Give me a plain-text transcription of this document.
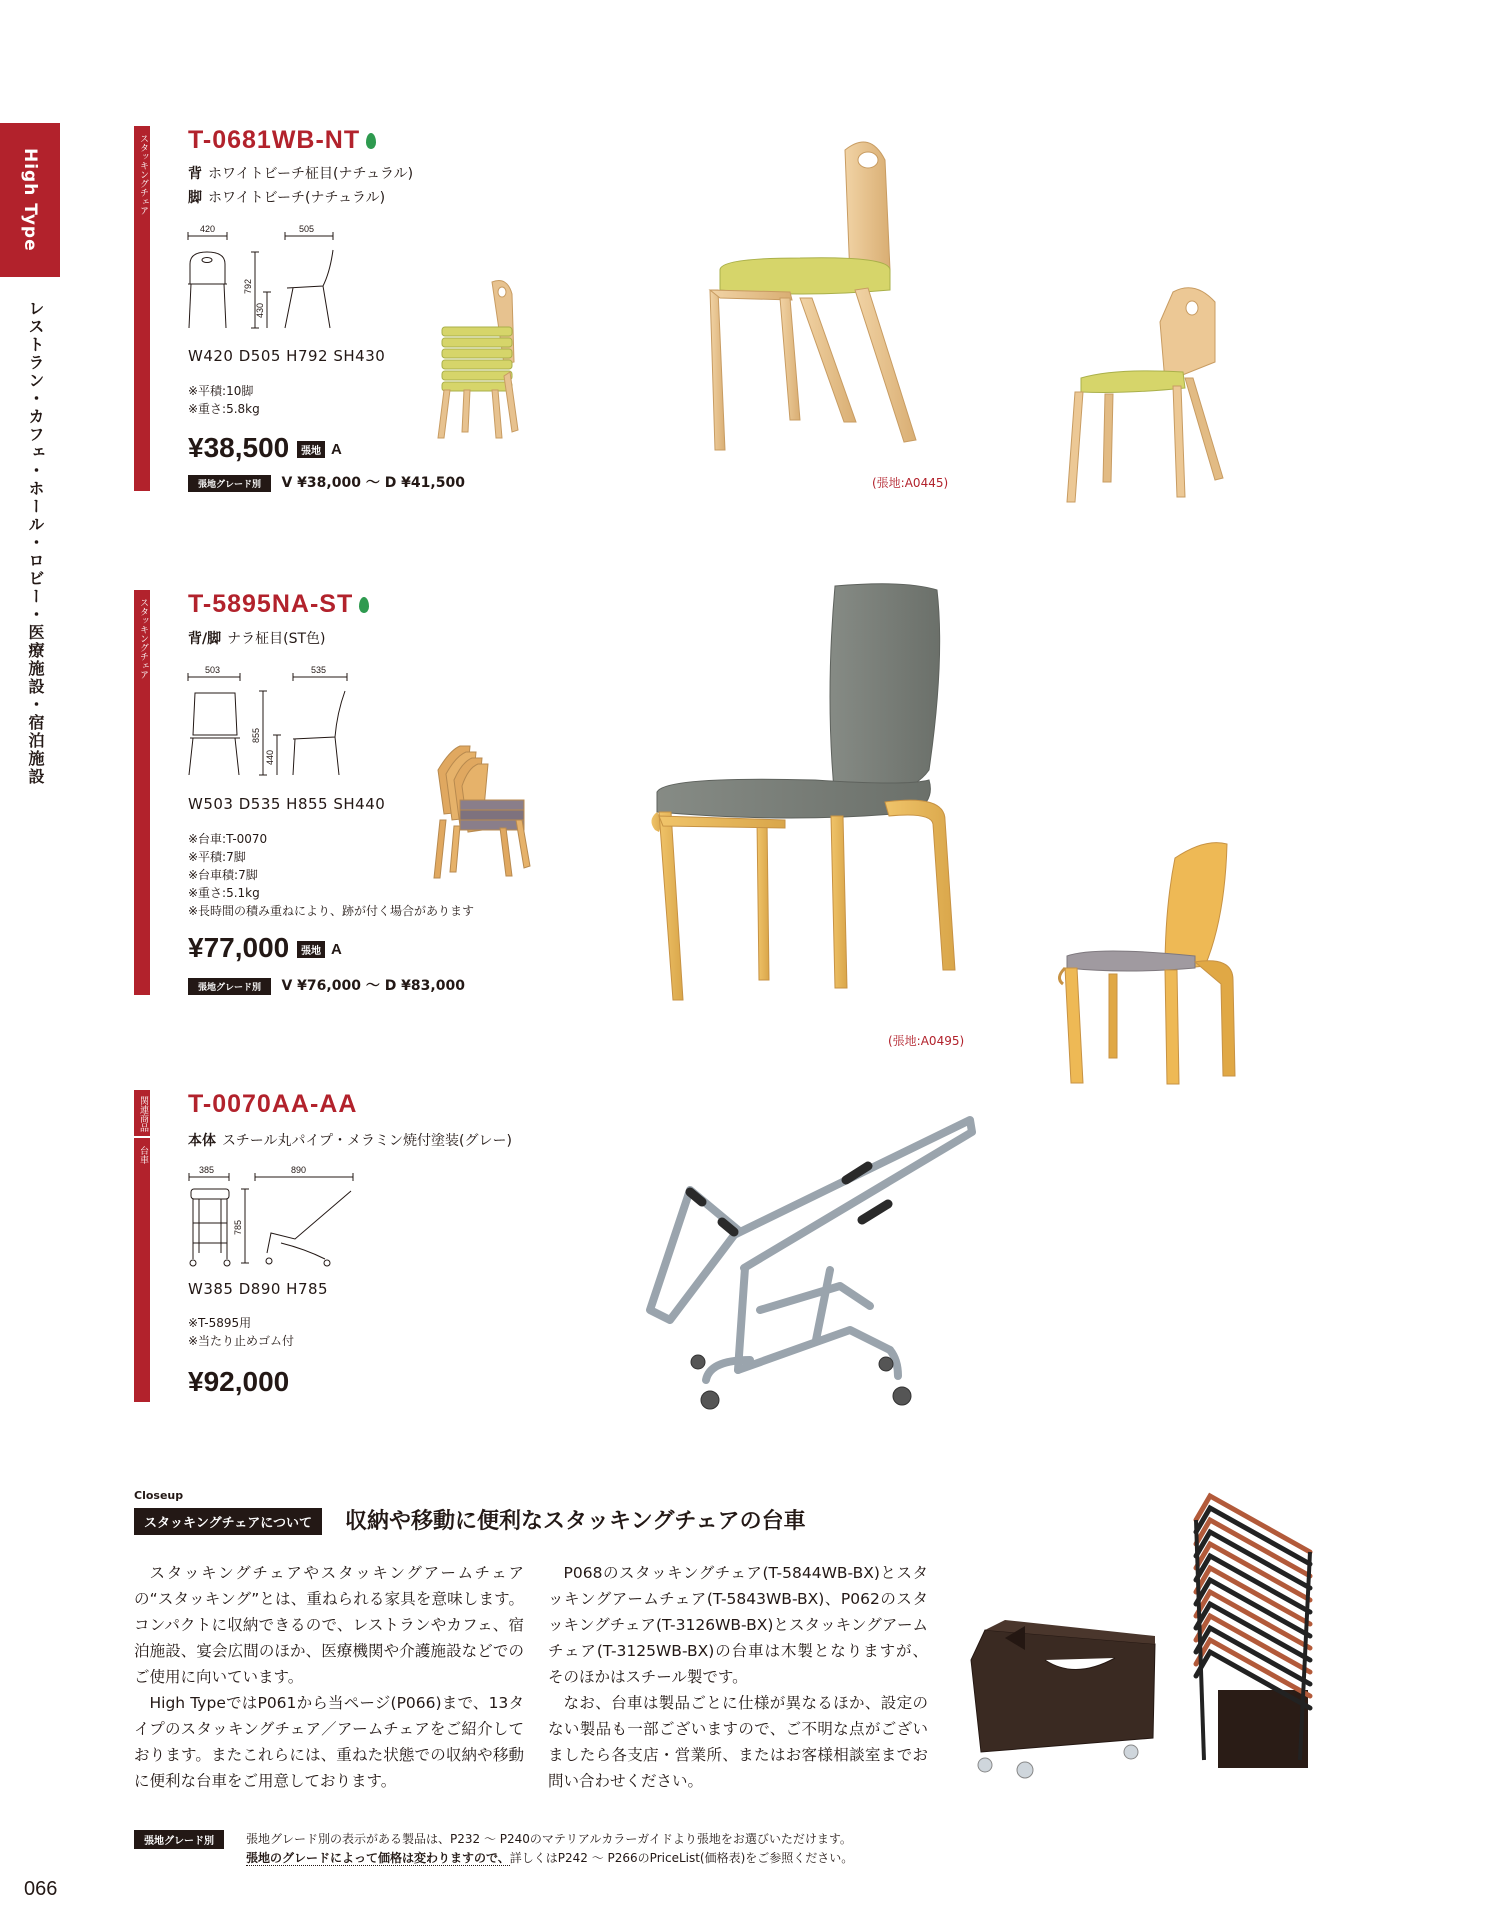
High Type
レストラン・カフェ・ホール・ロビー・医療施設・宿泊施設
スタッキングチェア T-0681WB-NT
背 ホワイトビーチ柾目(ナチュラル)
脚 ホワイトビーチ(ナチュラル)
420	505
792
430
W420 D505 H792 SH430
※平積:10脚
※重さ:5.8kg
¥38,500 張地 A
張地グレード別 V ¥38,000 ～ D ¥41,500	(張地:A0445)
スタッキングチェア T-5895NA-ST
背/脚 ナラ柾目(ST色)
503	535
855
440
W503 D535 H855 SH440
※台車:T-0070
※平積:7脚
※台車積:7脚
※重さ:5.1kg
※長時間の積み重ねにより、跡が付く場合があります
¥77,000 張地 A
張地グレード別 V ¥76,000 ～ D ¥83,000
(張地:A0495)
関連商品
台車
T-0070AA-AA
本体 スチール丸パイプ・メラミン焼付塗装(グレー)
385	890
785
W385 D890 H785
※T-5895用
※当たり止めゴム付
¥92,000
Closeup
スタッキングチェアについて	収納や移動に便利なスタッキングチェアの台車

スタッキングチェアやスタッキングアームチェアの“スタッキング”とは、重ねられる家具を意味します。コンパクトに収納できるので、レストランやカフェ、宿泊施設、宴会広間のほか、医療機関や介護施設などでのご使用に向いています。

High TypeではP061から当ページ(P066)まで、13タイプのスタッキングチェア／アームチェアをご紹介しております。またこれらには、重ねた状態での収納や移動に便利な台車をご用意しております。

P068のスタッキングチェア(T-5844WB-BX)とスタッキングアームチェア(T-5843WB-BX)、P062のスタッキングチェア(T-3126WB-BX)とスタッキングアームチェア(T-3125WB-BX)の台車は木製となりますが、そのほかはスチール製です。

なお、台車は製品ごとに仕様が異なるほか、設定のない製品も一部ございますので、ご不明な点がございましたら各支店・営業所、またはお客様相談室までお問い合わせください。

張地グレード別	張地グレード別の表示がある製品は、P232 ～ P240のマテリアルカラーガイドより張地をお選びいただけます。
張地のグレードによって価格は変わりますので、詳しくはP242 ～ P266のPriceList(価格表)をご参照ください。
066
